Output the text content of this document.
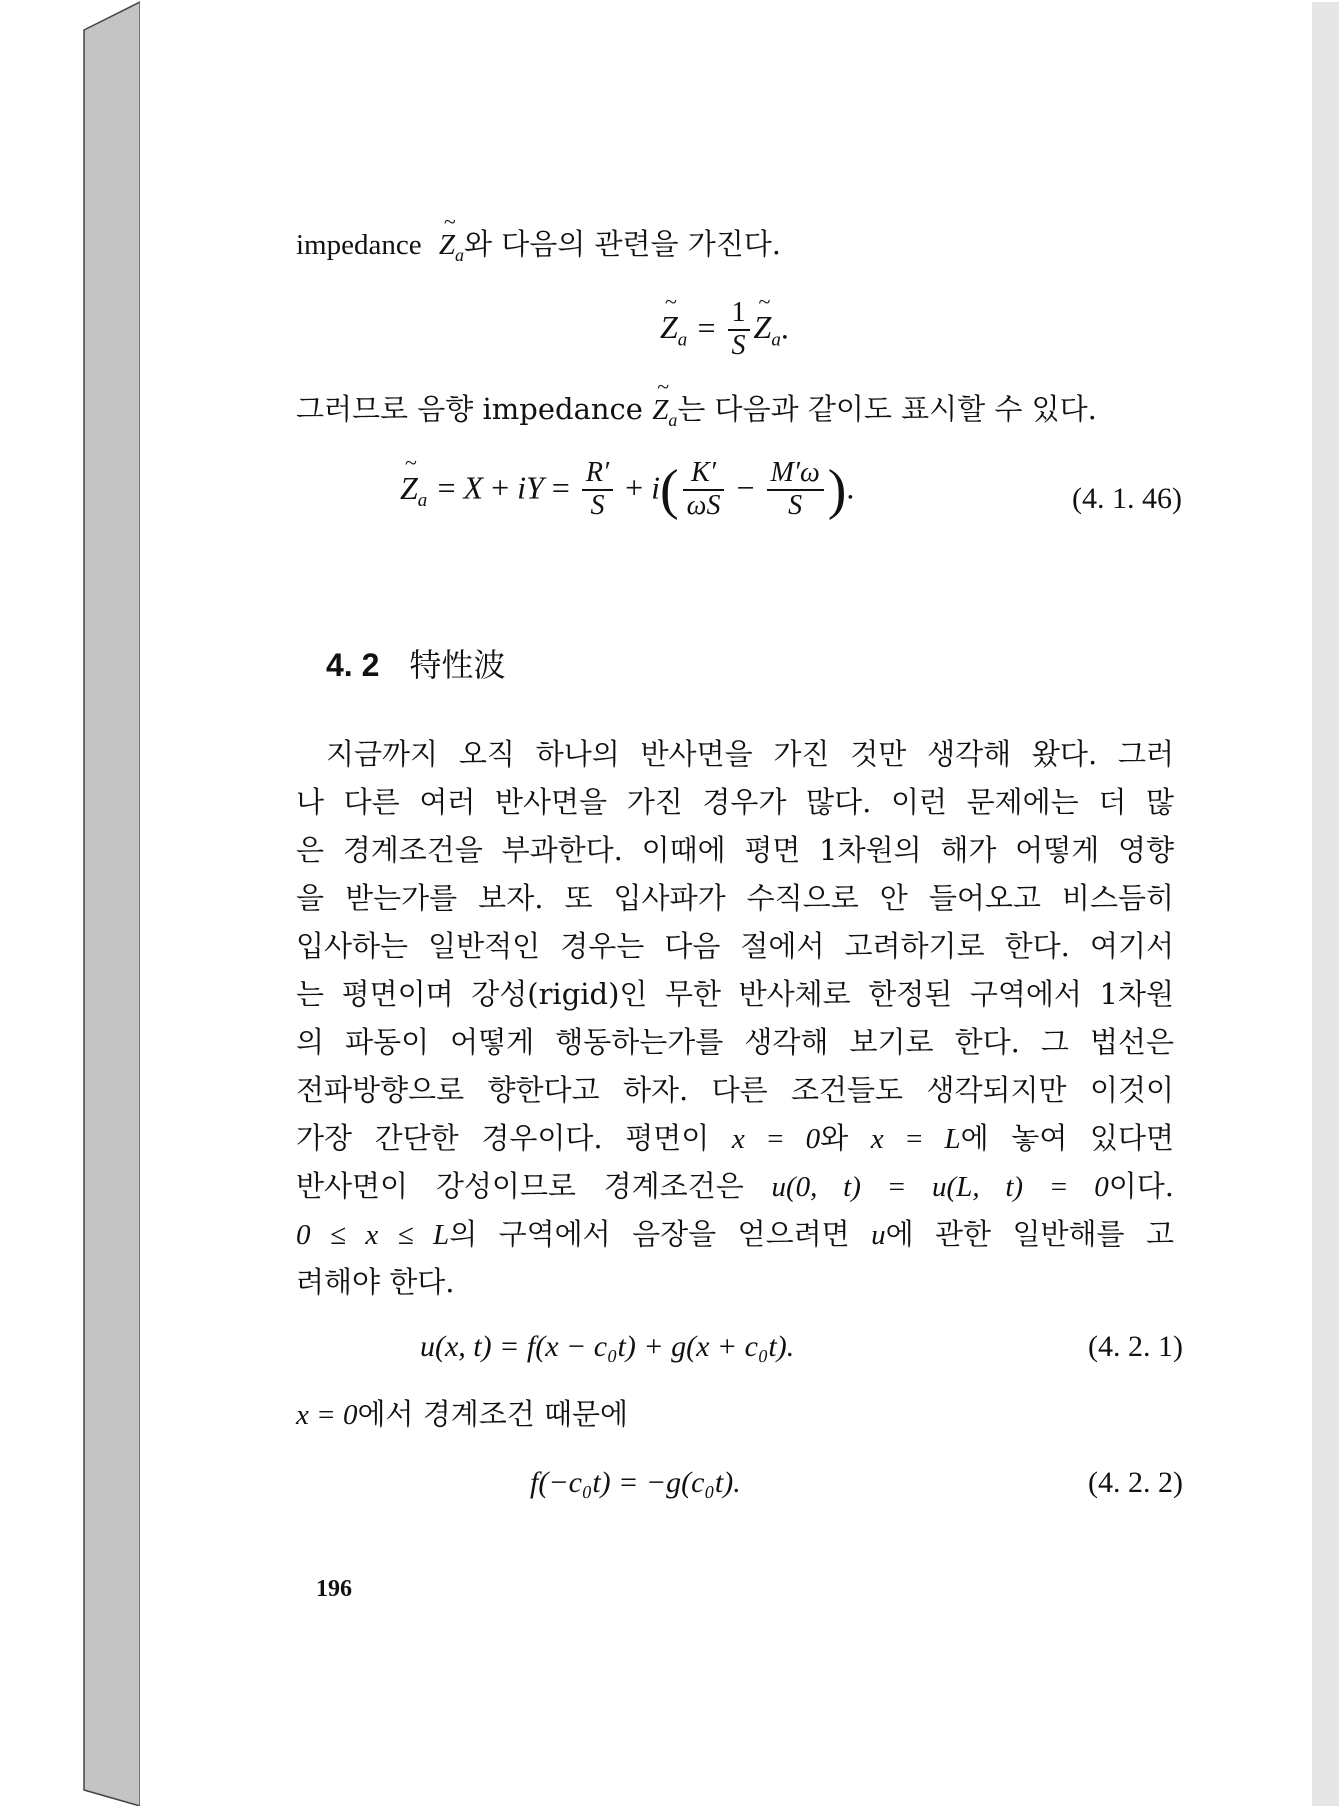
impedance ~ $Z_a$와 다음의 관련을 가진다.
~ $Z_a = \frac{1}{S}$ ~ $Z_a$.
그러므로 음향 impedance ~ $Z_a$는 다음과 같이도 표시할 수 있다.
~ $Z_a = X$ + iY = $\frac{R'}{S} + i( \frac{K'}{\omega S} - \frac{M'\omega}{S}$ ).	(4. 1. 46)
4. 2 特性波
지금까지 오직 하나의 반사면을 가진 것만 생각해 왔다. 그러
나 다른 여러 반사면을 가진 경우가 많다. 이런 문제에는 더 많
은 경계조건을 부과한다. 이때에 평면 1차원의 해가 어떻게 영향
을 받는가를 보자. 또 입사파가 수직으로 안 들어오고 비스듬히
입사하는 일반적인 경우는 다음 절에서 고려하기로 한다. 여기서
는 평면이며 강성(rigid)인 무한 반사체로 한정된 구역에서 1차원
의 파동이 어떻게 행동하는가를 생각해 보기로 한다. 그 법선은
전파방향으로 향한다고 하자. 다른 조건들도 생각되지만 이것이
가장 간단한 경우이다. 평면이 x = 0와 x = L에 놓여 있다면
반사면이 강성이므로 경계조건은 u(0, t) = u(L, t) = 0이다.
0 ≤ x ≤ L의 구역에서 음장을 얻으려면 u에 관한 일반해를 고
려해야 한다.
u(x, t) = f(x − c₀t) + g(x + c₀t).	(4. 2. 1)
x = 0에서 경계조건 때문에
f(−c₀t) = −g(c₀t).	(4. 2. 2)
196
